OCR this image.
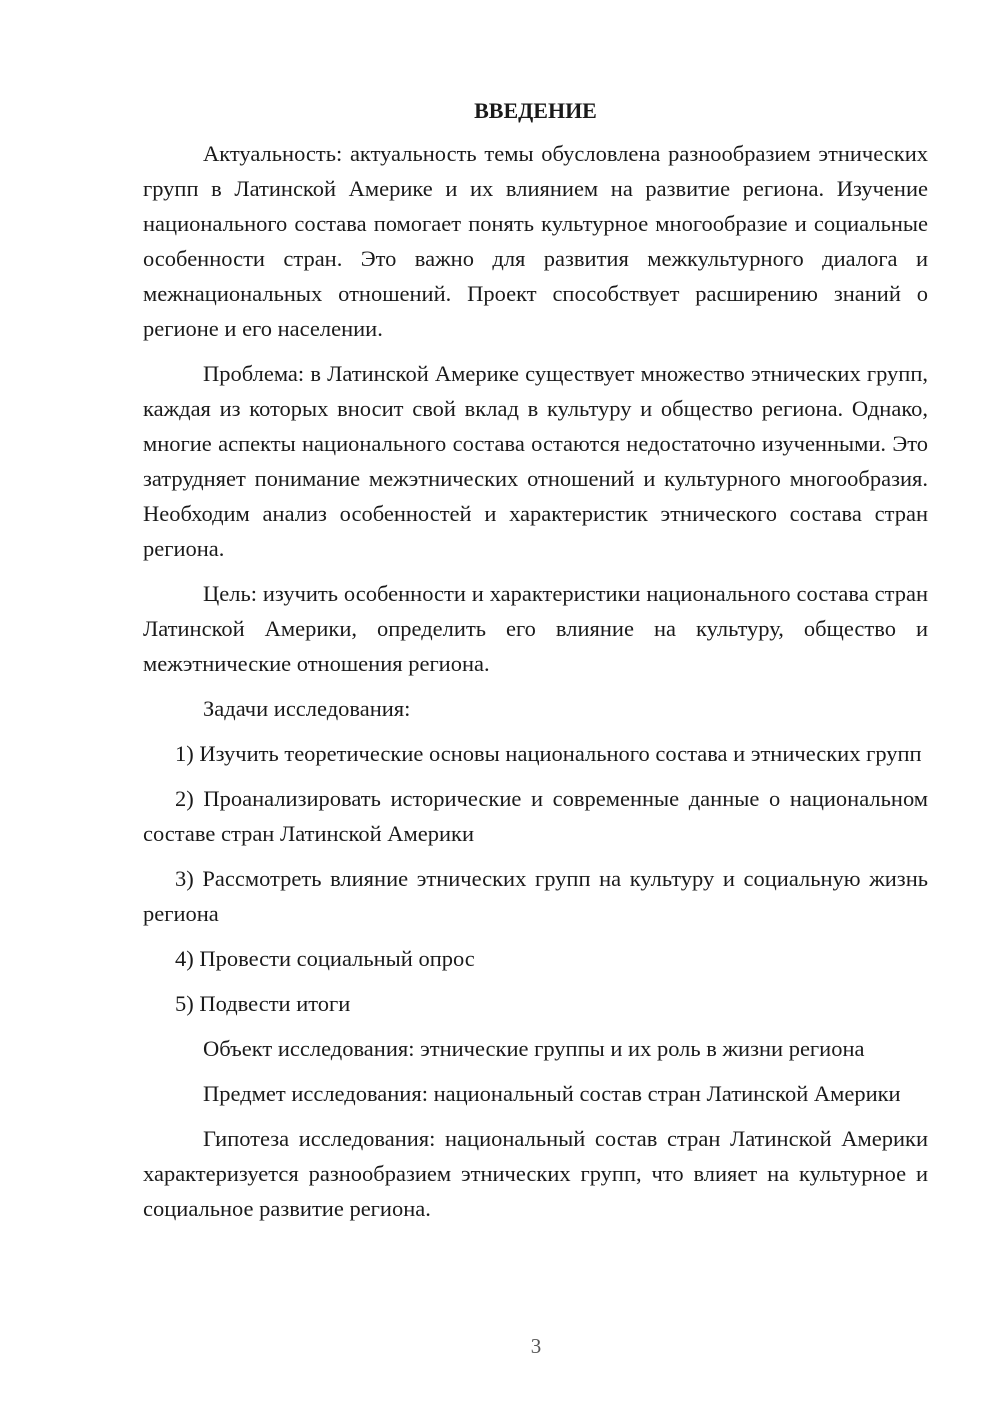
ВВЕДЕНИЕ

Актуальность: актуальность темы обусловлена разнообразием этнических групп в Латинской Америке и их влиянием на развитие региона. Изучение национального состава помогает понять культурное многообразие и социальные особенности стран. Это важно для развития межкультурного диалога и межнациональных отношений. Проект способствует расширению знаний о регионе и его населении.

Проблема: в Латинской Америке существует множество этнических групп, каждая из которых вносит свой вклад в культуру и общество региона. Однако, многие аспекты национального состава остаются недостаточно изученными. Это затрудняет понимание межэтнических отношений и культурного многообразия. Необходим анализ особенностей и характеристик этнического состава стран региона.

Цель: изучить особенности и характеристики национального состава стран Латинской Америки, определить его влияние на культуру, общество и межэтнические отношения региона.

Задачи исследования:

1) Изучить теоретические основы национального состава и этнических групп

2) Проанализировать исторические и современные данные о национальном составе стран Латинской Америки

3) Рассмотреть влияние этнических групп на культуру и социальную жизнь региона

4) Провести социальный опрос

5) Подвести итоги

Объект исследования: этнические группы и их роль в жизни региона

Предмет исследования: национальный состав стран Латинской Америки

Гипотеза исследования: национальный состав стран Латинской Америки характеризуется разнообразием этнических групп, что влияет на культурное и социальное развитие региона.

3
